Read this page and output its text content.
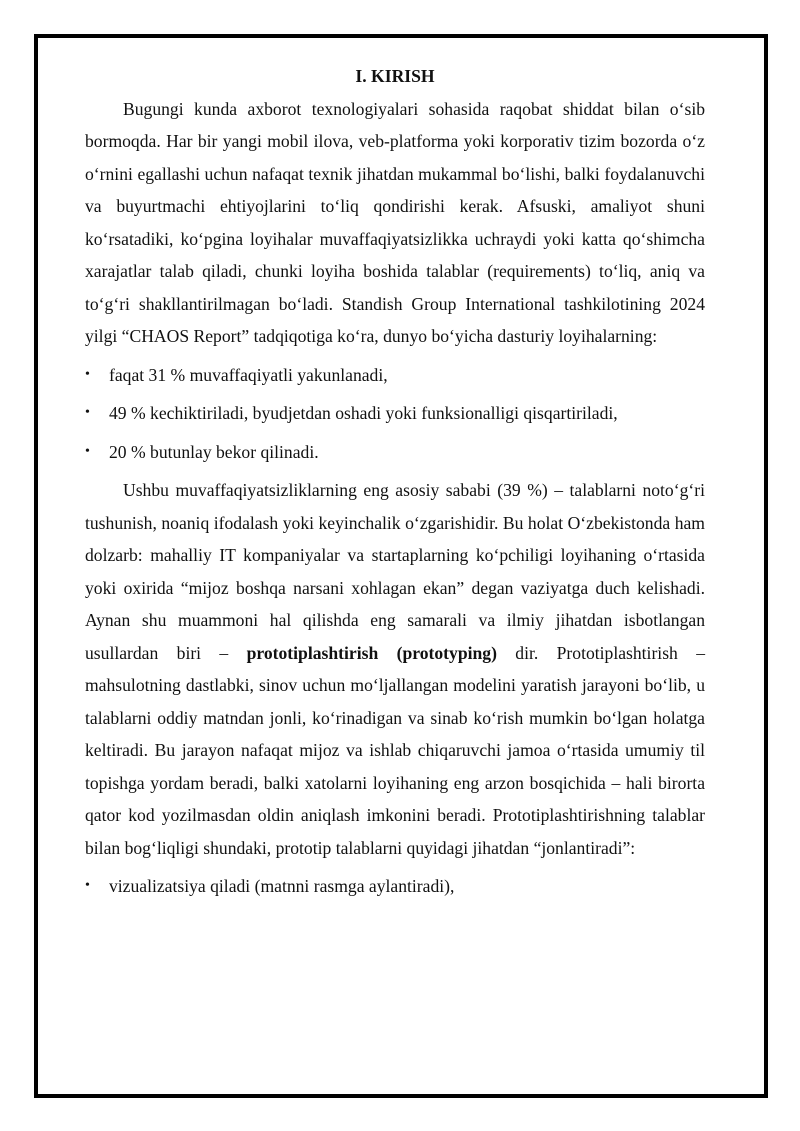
I. KIRISH

Bugungi kunda axborot texnologiyalari sohasida raqobat shiddat bilan o‘sib bormoqda. Har bir yangi mobil ilova, veb-platforma yoki korporativ tizim bozorda o‘z o‘rnini egallashi uchun nafaqat texnik jihatdan mukammal bo‘lishi, balki foydalanuvchi va buyurtmachi ehtiyojlarini to‘liq qondirishi kerak. Afsuski, amaliyot shuni ko‘rsatadiki, ko‘pgina loyihalar muvaffaqiyatsizlikka uchraydi yoki katta qo‘shimcha xarajatlar talab qiladi, chunki loyiha boshida talablar (requirements) to‘liq, aniq va to‘g‘ri shakllantirilmagan bo‘ladi. Standish Group International tashkilotining 2024 yilgi “CHAOS Report” tadqiqotiga ko‘ra, dunyo bo‘yicha dasturiy loyihalarning:

• faqat 31 % muvaffaqiyatli yakunlanadi,
• 49 % kechiktiriladi, byudjetdan oshadi yoki funksionalligi qisqartiriladi,
• 20 % butunlay bekor qilinadi.

Ushbu muvaffaqiyatsizliklarning eng asosiy sababi (39 %) – talablarni noto‘g‘ri tushunish, noaniq ifodalash yoki keyinchalik o‘zgarishidir. Bu holat O‘zbekistonda ham dolzarb: mahalliy IT kompaniyalar va startaplarning ko‘pchiligi loyihaning o‘rtasida yoki oxirida “mijoz boshqa narsani xohlagan ekan” degan vaziyatga duch kelishadi. Aynan shu muammoni hal qilishda eng samarali va ilmiy jihatdan isbotlangan usullardan biri – prototiplashtirish (prototyping) dir. Prototiplashtirish – mahsulotning dastlabki, sinov uchun mo‘ljallangan modelini yaratish jarayoni bo‘lib, u talablarni oddiy matndan jonli, ko‘rinadigan va sinab ko‘rish mumkin bo‘lgan holatga keltiradi. Bu jarayon nafaqat mijoz va ishlab chiqaruvchi jamoa o‘rtasida umumiy til topishga yordam beradi, balki xatolarni loyihaning eng arzon bosqichida – hali birorta qator kod yozilmasdan oldin aniqlash imkonini beradi. Prototiplashtirishning talablar bilan bog‘liqligi shundaki, prototip talablarni quyidagi jihatdan “jonlantiradi”:

• vizualizatsiya qiladi (matnni rasmga aylantiradi),
